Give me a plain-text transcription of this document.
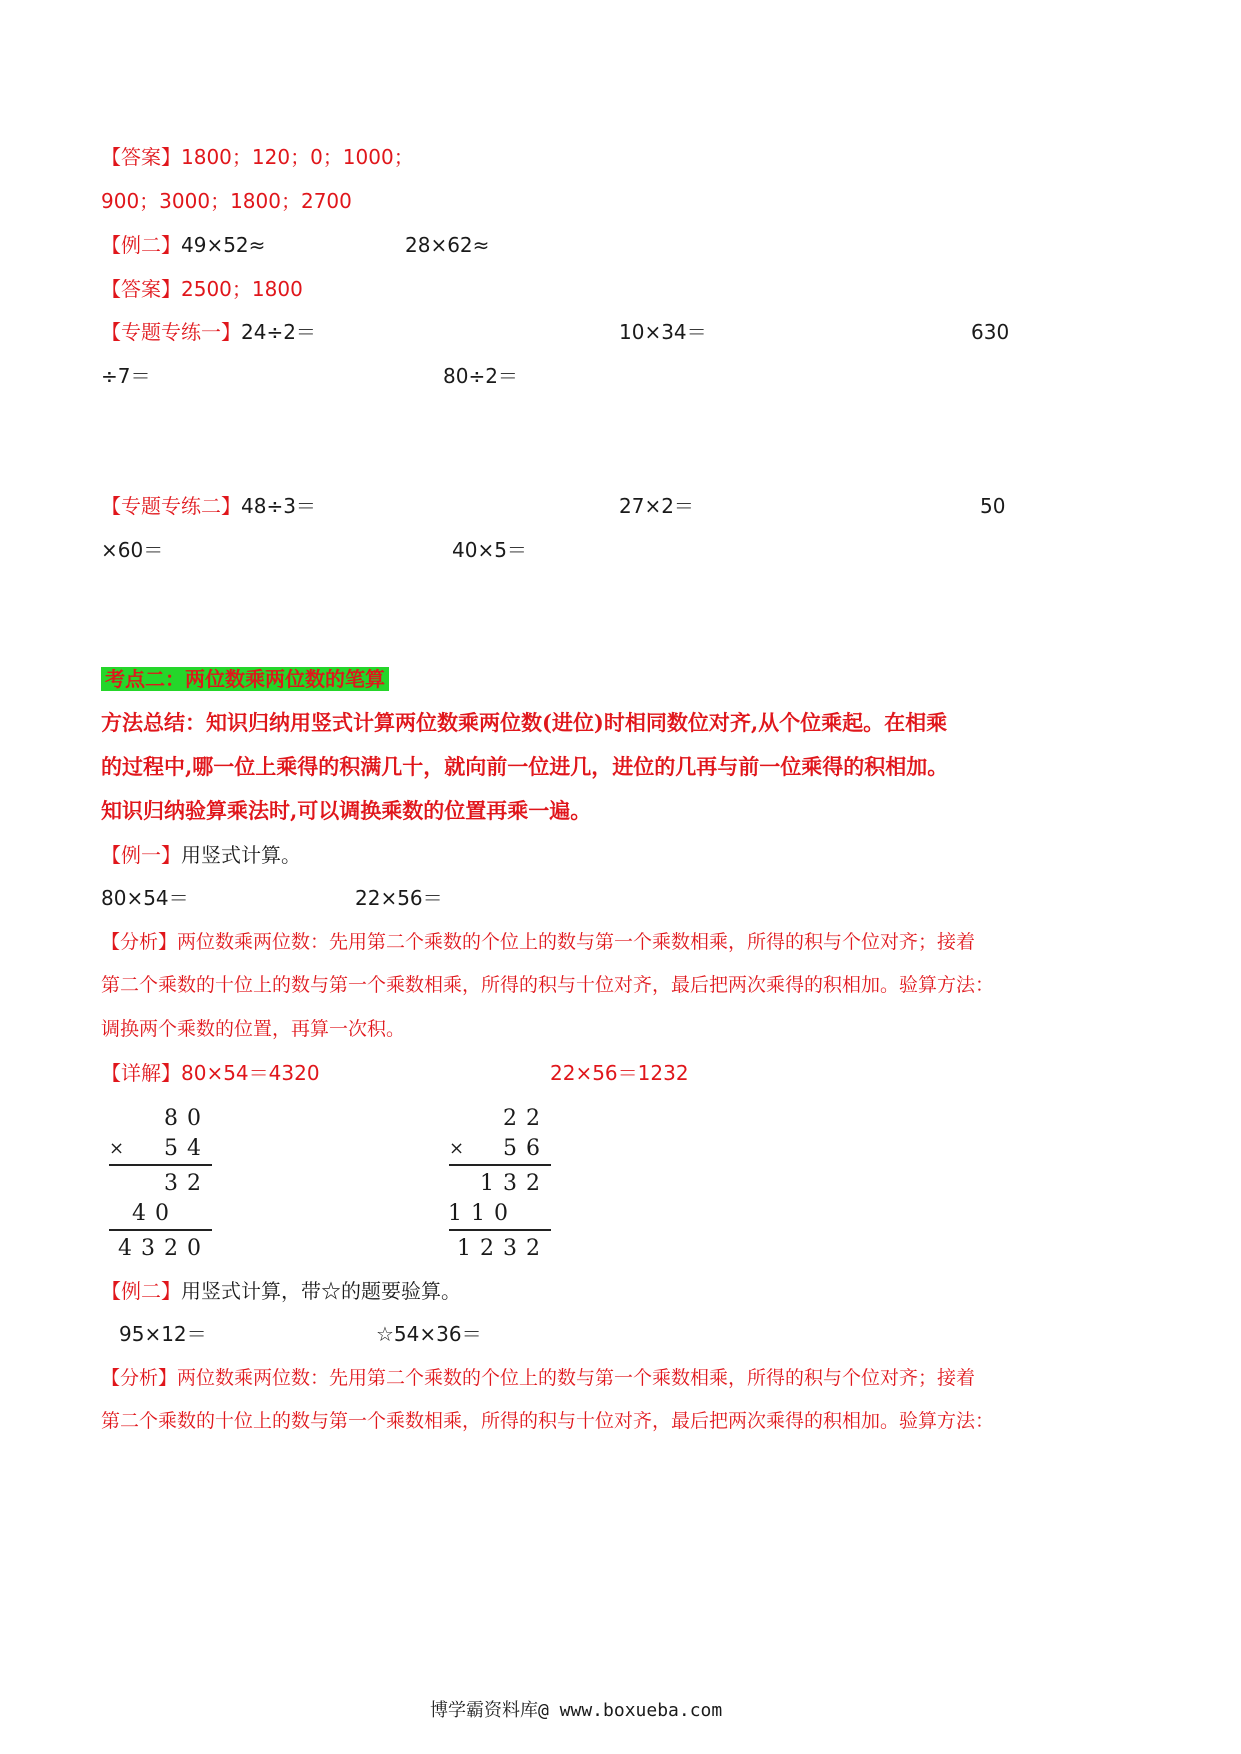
【答案】1800；120；0；1000；
900；3000；1800；2700
【例二】49×52≈	28×62≈
【答案】2500；1800
【专题专练一】24÷2＝	10×34＝	630
÷7＝	80÷2＝
【专题专练二】48÷3＝	27×2＝	50
×60＝	40×5＝
考点二：两位数乘两位数的笔算
方法总结：知识归纳用竖式计算两位数乘两位数(进位)时相同数位对齐,从个位乘起。在相乘
的过程中,哪一位上乘得的积满几十，就向前一位进几，进位的几再与前一位乘得的积相加。
知识归纳验算乘法时,可以调换乘数的位置再乘一遍。
【例一】用竖式计算。
80×54＝	22×56＝
【分析】两位数乘两位数：先用第二个乘数的个位上的数与第一个乘数相乘，所得的积与个位对齐；接着
第二个乘数的十位上的数与第一个乘数相乘，所得的积与十位对齐，最后把两次乘得的积相加。验算方法：
调换两个乘数的位置，再算一次积。
【详解】80×54＝4320	22×56＝1232
80
× 54
32
40
4320
22
× 56
132
110
1232
【例二】用竖式计算，带☆的题要验算。
95×12＝	☆54×36＝
【分析】两位数乘两位数：先用第二个乘数的个位上的数与第一个乘数相乘，所得的积与个位对齐；接着
第二个乘数的十位上的数与第一个乘数相乘，所得的积与十位对齐，最后把两次乘得的积相加。验算方法：
博学霸资料库@ www.boxueba.com
